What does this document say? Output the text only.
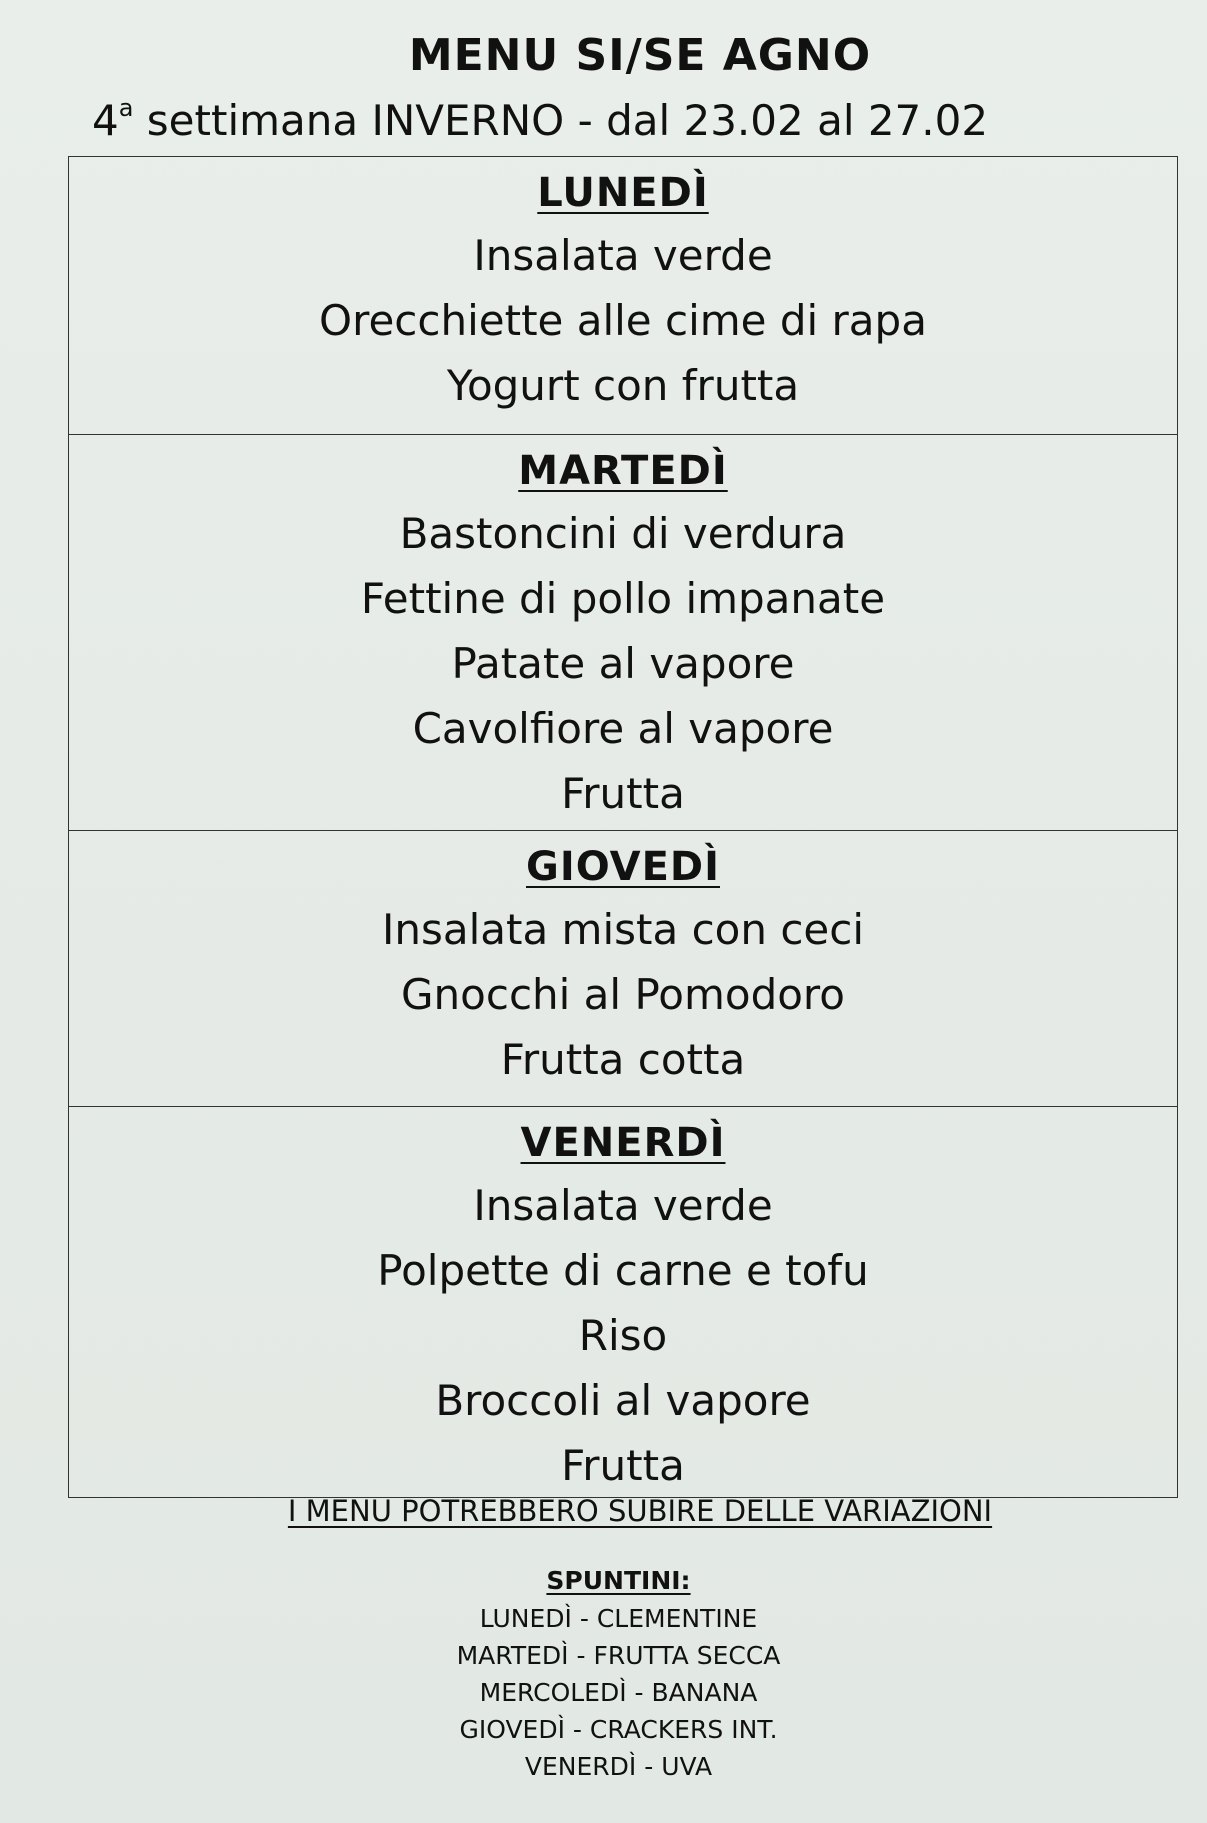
MENU SI/SE AGNO
4$^a$ settimana INVERNO - dal 23.02 al 27.02
LUNEDÌ
Insalata verde
Orecchiette alle cime di rapa
Yogurt con frutta
MARTEDÌ
Bastoncini di verdura
Fettine di pollo impanate
Patate al vapore
Cavolfiore al vapore
Frutta
GIOVEDÌ
Insalata mista con ceci
Gnocchi al Pomodoro
Frutta cotta
VENERDÌ
Insalata verde
Polpette di carne e tofu
Riso
Broccoli al vapore
Frutta
I MENU POTREBBERO SUBIRE DELLE VARIAZIONI
SPUNTINI:
LUNEDÌ - CLEMENTINE
MARTEDÌ - FRUTTA SECCA
MERCOLEDÌ - BANANA
GIOVEDÌ - CRACKERS INT.
VENERDÌ - UVA
